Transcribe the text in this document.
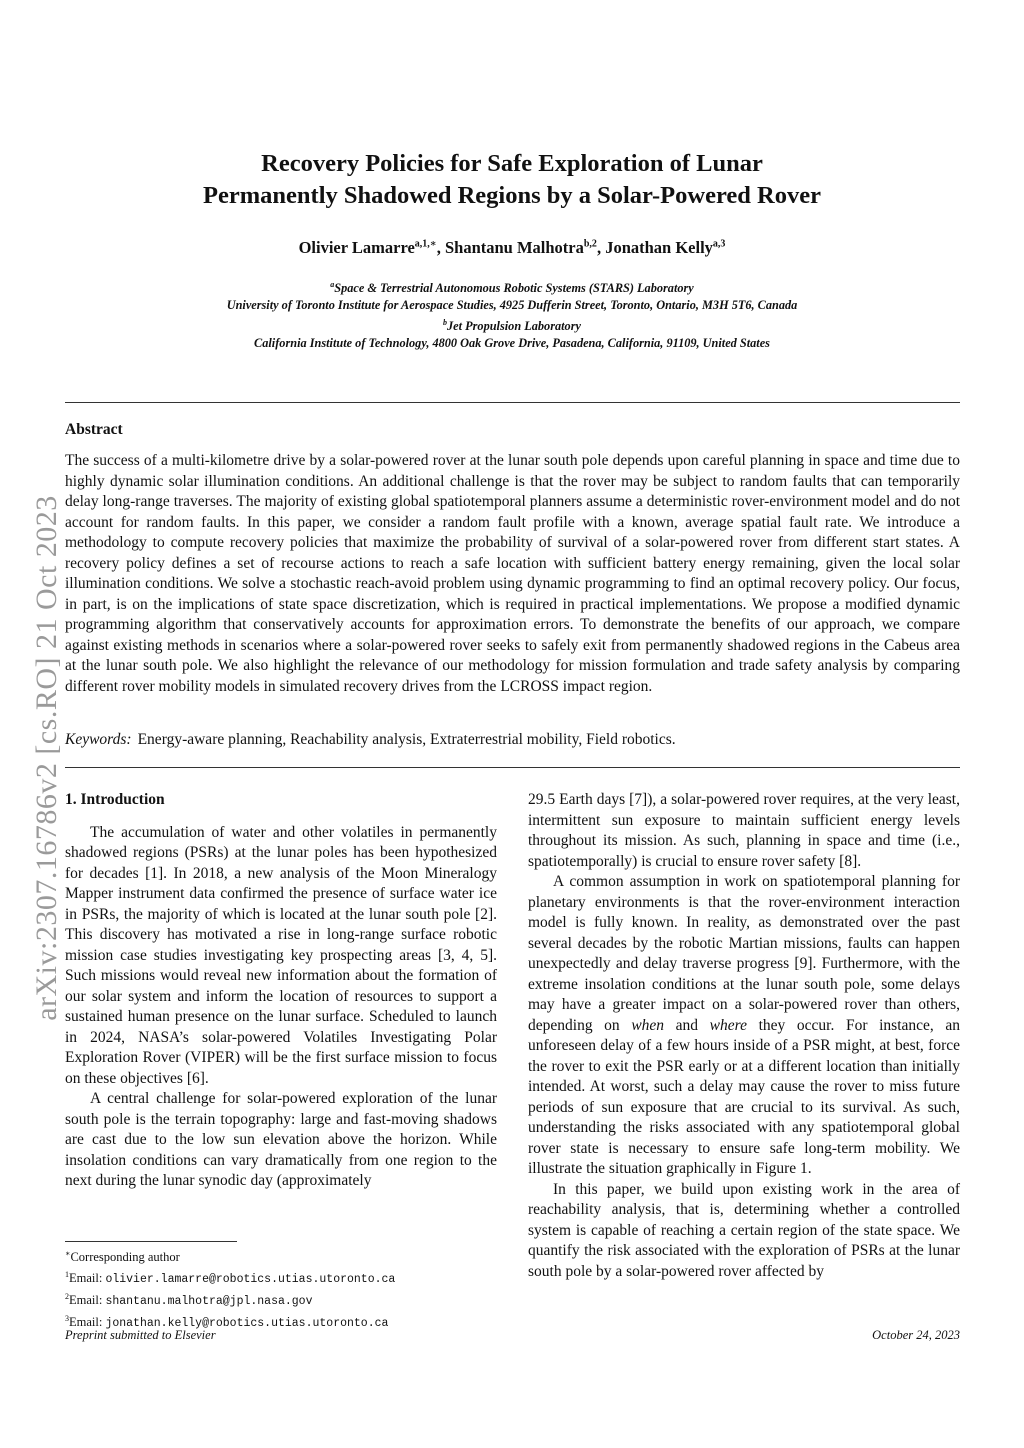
arXiv:2307.16786v2 [cs.RO] 21 Oct 2023
Recovery Policies for Safe Exploration of Lunar
Permanently Shadowed Regions by a Solar-Powered Rover
Olivier Lamarre$^{a,1,∗}$, Shantanu Malhotra$^{b,2}$, Jonathan Kelly$^{a,3}$
$^a$Space & Terrestrial Autonomous Robotic Systems (STARS) Laboratory
University of Toronto Institute for Aerospace Studies, 4925 Dufferin Street, Toronto, Ontario, M3H 5T6, Canada
$^b$Jet Propulsion Laboratory
California Institute of Technology, 4800 Oak Grove Drive, Pasadena, California, 91109, United States
Abstract
The success of a multi-kilometre drive by a solar-powered rover at the lunar south pole depends upon careful planning in space and time due to highly dynamic solar illumination conditions. An additional challenge is that the rover may be subject to random faults that can temporarily delay long-range traverses. The majority of existing global spatiotemporal planners assume a deterministic rover-environment model and do not account for random faults. In this paper, we consider a random fault profile with a known, average spatial fault rate. We introduce a methodology to compute recovery policies that maximize the probability of survival of a solar-powered rover from different start states. A recovery policy defines a set of recourse actions to reach a safe location with sufficient battery energy remaining, given the local solar illumination conditions. We solve a stochastic reach-avoid problem using dynamic programming to find an optimal recovery policy. Our focus, in part, is on the implications of state space discretization, which is required in practical implementations. We propose a modified dynamic programming algorithm that conservatively accounts for approximation errors. To demonstrate the benefits of our approach, we compare against existing methods in scenarios where a solar-powered rover seeks to safely exit from permanently shadowed regions in the Cabeus area at the lunar south pole. We also highlight the relevance of our methodology for mission formulation and trade safety analysis by comparing different rover mobility models in simulated recovery drives from the LCROSS impact region.
Keywords: Energy-aware planning, Reachability analysis, Extraterrestrial mobility, Field robotics.
1. Introduction

The accumulation of water and other volatiles in permanently shadowed regions (PSRs) at the lunar poles has been hypothesized for decades [1]. In 2018, a new analysis of the Moon Mineralogy Mapper instrument data confirmed the presence of surface water ice in PSRs, the majority of which is located at the lunar south pole [2]. This discovery has motivated a rise in long-range surface robotic mission case studies investigating key prospecting areas [3, 4, 5]. Such missions would reveal new information about the formation of our solar system and inform the location of resources to support a sustained human presence on the lunar surface. Scheduled to launch in 2024, NASA’s solar-powered Volatiles Investigating Polar Exploration Rover (VIPER) will be the first surface mission to focus on these objectives [6].

A central challenge for solar-powered exploration of the lunar south pole is the terrain topography: large and fast-moving shadows are cast due to the low sun elevation above the horizon. While insolation conditions can vary dramatically from one region to the next during the lunar synodic day (approximately

29.5 Earth days [7]), a solar-powered rover requires, at the very least, intermittent sun exposure to maintain sufficient energy levels throughout its mission. As such, planning in space and time (i.e., spatiotemporally) is crucial to ensure rover safety [8].

A common assumption in work on spatiotemporal planning for planetary environments is that the rover-environment interaction model is fully known. In reality, as demonstrated over the past several decades by the robotic Martian missions, faults can happen unexpectedly and delay traverse progress [9]. Furthermore, with the extreme insolation conditions at the lunar south pole, some delays may have a greater impact on a solar-powered rover than others, depending on when and where they occur. For instance, an unforeseen delay of a few hours inside of a PSR might, at best, force the rover to exit the PSR early or at a different location than initially intended. At worst, such a delay may cause the rover to miss future periods of sun exposure that are crucial to its survival. As such, understanding the risks associated with any spatiotemporal global rover state is necessary to ensure safe long-term mobility. We illustrate the situation graphically in Figure 1.

In this paper, we build upon existing work in the area of reachability analysis, that is, determining whether a controlled system is capable of reaching a certain region of the state space. We quantify the risk associated with the exploration of PSRs at the lunar south pole by a solar-powered rover affected by

∗Corresponding author
$^1$Email: olivier.lamarre@robotics.utias.utoronto.ca
$^2$Email: shantanu.malhotra@jpl.nasa.gov
$^3$Email: jonathan.kelly@robotics.utias.utoronto.ca
Preprint submitted to Elsevier	October 24, 2023
